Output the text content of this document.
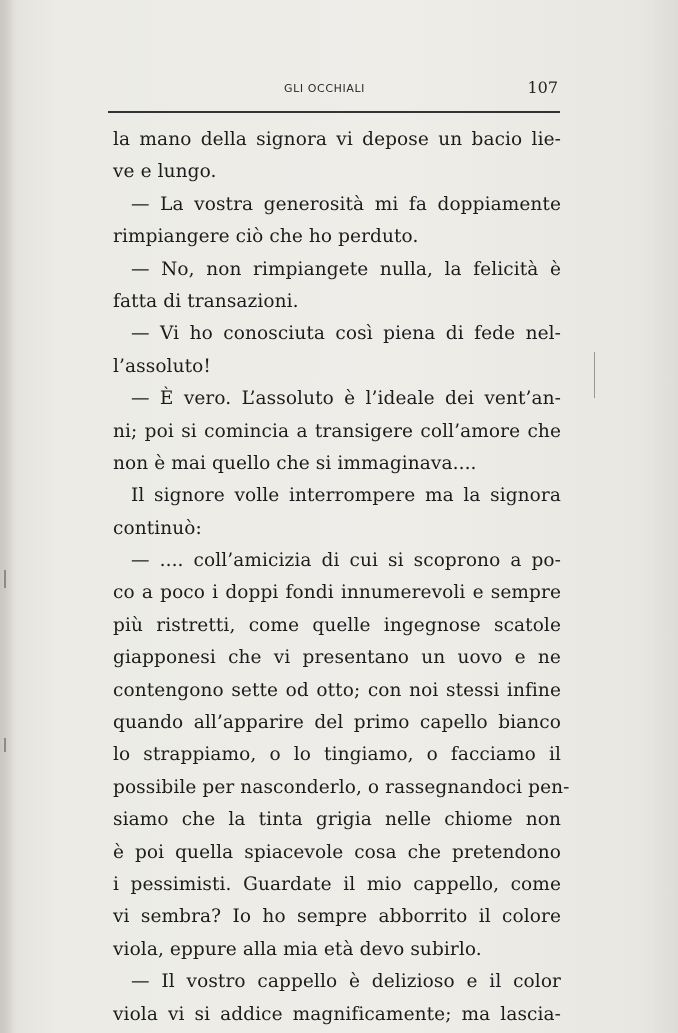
GLI OCCHIALI	107
la mano della signora vi depose un bacio lie-
ve e lungo.
— La vostra generosità mi fa doppiamente
rimpiangere ciò che ho perduto.
— No, non rimpiangete nulla, la felicità è
fatta di transazioni.
— Vi ho conosciuta così piena di fede nel-
l’assoluto!
— È vero. L’assoluto è l’ideale dei vent’an-
ni; poi si comincia a transigere coll’amore che
non è mai quello che si immaginava....
Il signore volle interrompere ma la signora
continuò:
— .... coll’amicizia di cui si scoprono a po-
co a poco i doppi fondi innumerevoli e sempre
più ristretti, come quelle ingegnose scatole
giapponesi che vi presentano un uovo e ne
contengono sette od otto; con noi stessi infine
quando all’apparire del primo capello bianco
lo strappiamo, o lo tingiamo, o facciamo il
possibile per nasconderlo, o rassegnandoci pen-
siamo che la tinta grigia nelle chiome non
è poi quella spiacevole cosa che pretendono
i pessimisti. Guardate il mio cappello, come
vi sembra? Io ho sempre abborrito il colore
viola, eppure alla mia età devo subirlo.
— Il vostro cappello è delizioso e il color
viola vi si addice magnificamente; ma lascia-
